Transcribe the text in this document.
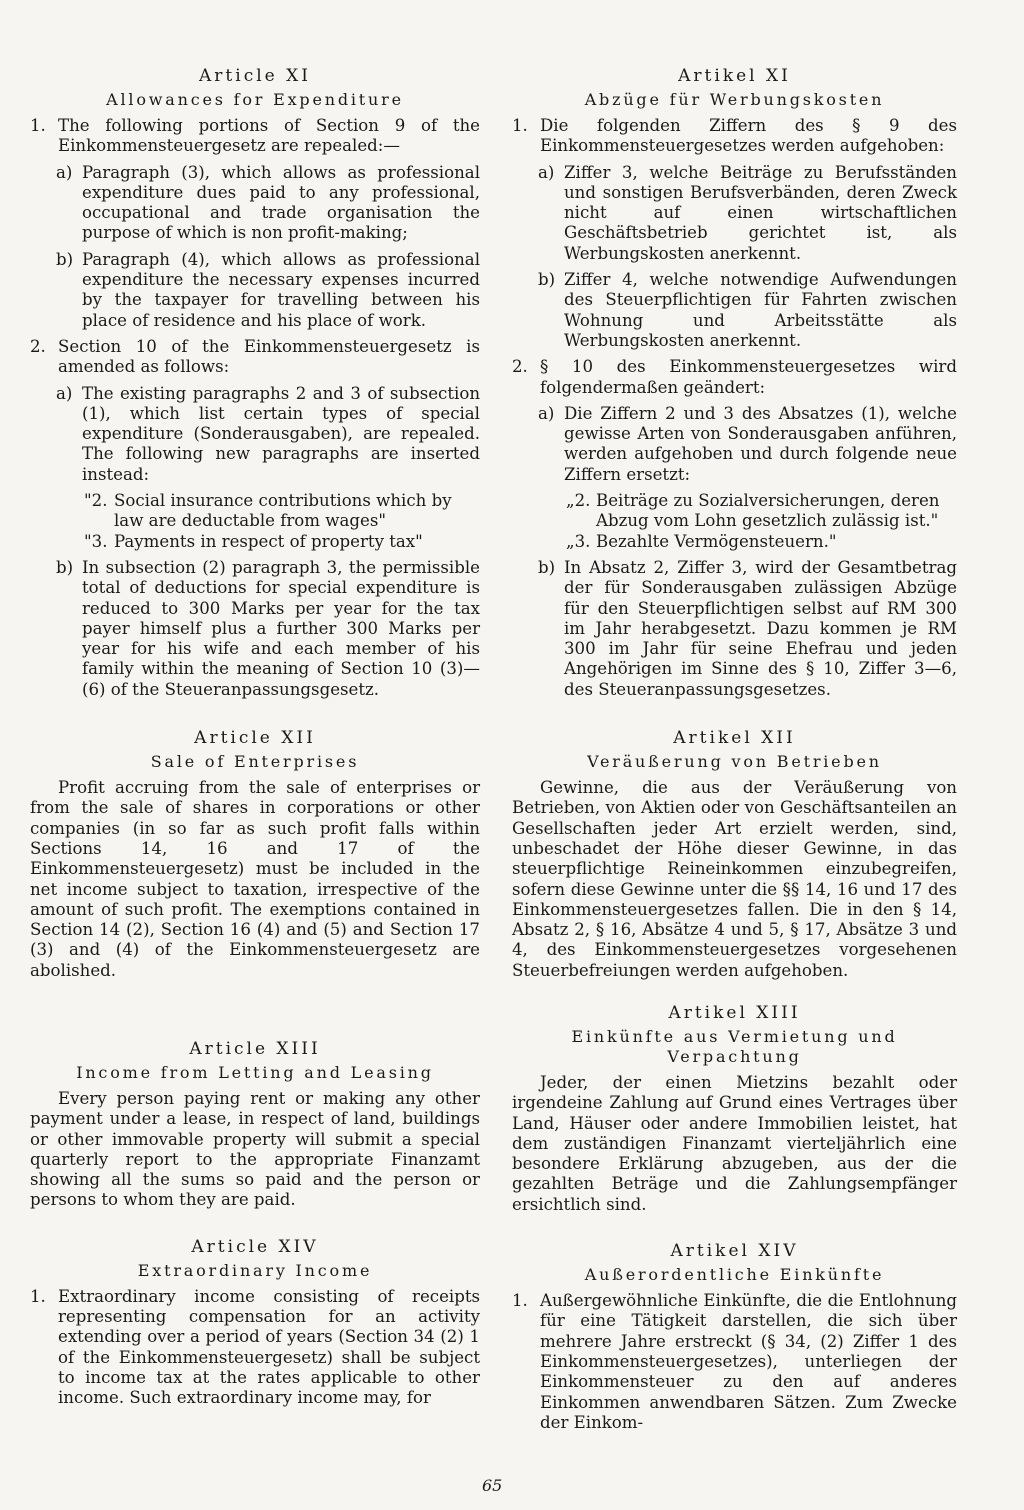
Article XI
Allowances for Expenditure
1. The following portions of Section 9 of the Einkommensteuergesetz are repealed:—

a) Paragraph (3), which allows as professional expenditure dues paid to any professional, occupational and trade organisation the purpose of which is non profit-making;

b) Paragraph (4), which allows as professional expenditure the necessary expenses incurred by the taxpayer for travelling between his place of residence and his place of work.

2. Section 10 of the Einkommensteuergesetz is amended as follows:

a) The existing paragraphs 2 and 3 of subsection (1), which list certain types of special expenditure (Sonderausgaben), are repealed. The following new paragraphs are inserted instead:

"2. Social insurance contributions which by law are deductable from wages"
"3. Payments in respect of property tax"
b) In subsection (2) paragraph 3, the permissible total of deductions for special expenditure is reduced to 300 Marks per year for the tax payer himself plus a further 300 Marks per year for his wife and each member of his family within the meaning of Section 10 (3)—(6) of the Steueranpassungsgesetz.

Article XII
Sale of Enterprises

Profit accruing from the sale of enterprises or from the sale of shares in corporations or other companies (in so far as such profit falls within Sections 14, 16 and 17 of the Einkommensteuergesetz) must be included in the net income subject to taxation, irrespective of the amount of such profit. The exemptions contained in Section 14 (2), Section 16 (4) and (5) and Section 17 (3) and (4) of the Einkommensteuergesetz are abolished.

Article XIII
Income from Letting and Leasing

Every person paying rent or making any other payment under a lease, in respect of land, buildings or other immovable property will submit a special quarterly report to the appropriate Finanzamt showing all the sums so paid and the person or persons to whom they are paid.

Article XIV
Extraordinary Income
1. Extraordinary income consisting of receipts representing compensation for an activity extending over a period of years (Section 34 (2) 1 of the Einkommensteuergesetz) shall be subject to income tax at the rates applicable to other income. Such extraordinary income may, for

Artikel XI
Abzüge für Werbungskosten
1. Die folgenden Ziffern des § 9 des Einkommensteuergesetzes werden aufgehoben:

a) Ziffer 3, welche Beiträge zu Berufsständen und sonstigen Berufsverbänden, deren Zweck nicht auf einen wirtschaftlichen Geschäftsbetrieb gerichtet ist, als Werbungskosten anerkennt.

b) Ziffer 4, welche notwendige Aufwendungen des Steuerpflichtigen für Fahrten zwischen Wohnung und Arbeitsstätte als Werbungskosten anerkennt.

2. § 10 des Einkommensteuergesetzes wird folgendermaßen geändert:

a) Die Ziffern 2 und 3 des Absatzes (1), welche gewisse Arten von Sonderausgaben anführen, werden aufgehoben und durch folgende neue Ziffern ersetzt:

„2. Beiträge zu Sozialversicherungen, deren Abzug vom Lohn gesetzlich zulässig ist."
„3. Bezahlte Vermögensteuern."
b) In Absatz 2, Ziffer 3, wird der Gesamtbetrag der für Sonderausgaben zulässigen Abzüge für den Steuerpflichtigen selbst auf RM 300 im Jahr herabgesetzt. Dazu kommen je RM 300 im Jahr für seine Ehefrau und jeden Angehörigen im Sinne des § 10, Ziffer 3—6, des Steueranpassungsgesetzes.

Artikel XII
Veräußerung von Betrieben

Gewinne, die aus der Veräußerung von Betrieben, von Aktien oder von Geschäftsanteilen an Gesellschaften jeder Art erzielt werden, sind, unbeschadet der Höhe dieser Gewinne, in das steuerpflichtige Reineinkommen einzubegreifen, sofern diese Gewinne unter die §§ 14, 16 und 17 des Einkommensteuergesetzes fallen. Die in den § 14, Absatz 2, § 16, Absätze 4 und 5, § 17, Absätze 3 und 4, des Einkommensteuergesetzes vorgesehenen Steuerbefreiungen werden aufgehoben.

Artikel XIII
Einkünfte aus Vermietung und Verpachtung

Jeder, der einen Mietzins bezahlt oder irgendeine Zahlung auf Grund eines Vertrages über Land, Häuser oder andere Immobilien leistet, hat dem zuständigen Finanzamt vierteljährlich eine besondere Erklärung abzugeben, aus der die gezahlten Beträge und die Zahlungsempfänger ersichtlich sind.

Artikel XIV
Außerordentliche Einkünfte
1. Außergewöhnliche Einkünfte, die die Entlohnung für eine Tätigkeit darstellen, die sich über mehrere Jahre erstreckt (§ 34, (2) Ziffer 1 des Einkommensteuergesetzes), unterliegen der Einkommensteuer zu den auf anderes Einkommen anwendbaren Sätzen. Zum Zwecke der Einkom-

65
